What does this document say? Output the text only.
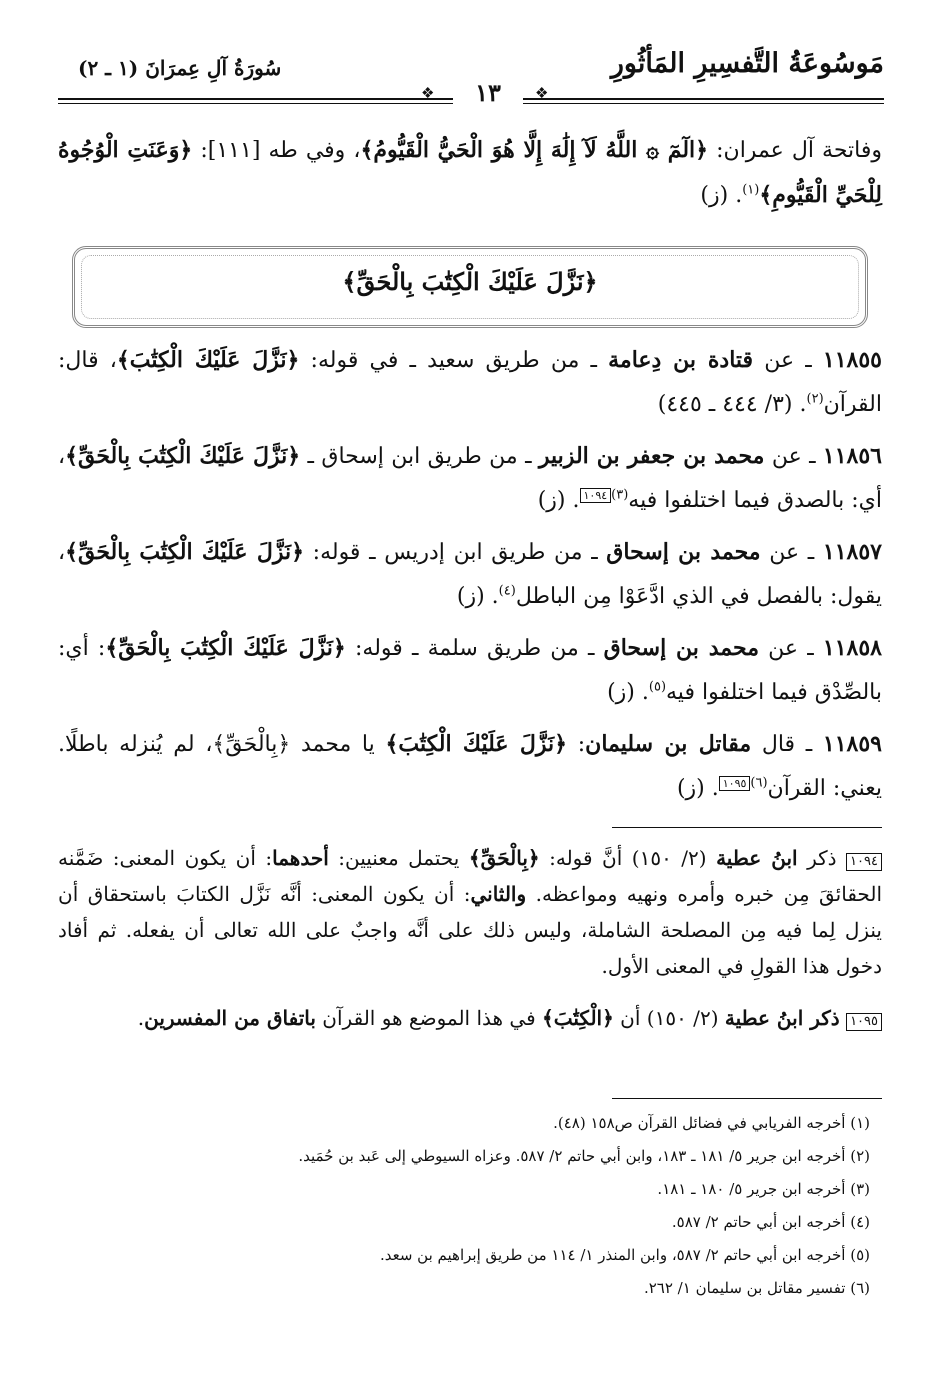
مَوسُوعَةُ التَّفسِيرِ المَأثُورِ
سُورَةُ آلِ عِمرَانَ (١ ـ ٢)
❖	١٣	❖
وفاتحة آل عمران: ﴿الٓمٓ ۞ اللَّهُ لَآ إِلَٰهَ إِلَّا هُوَ الْحَيُّ الْقَيُّومُ﴾، وفي طه [١١١]: ﴿وَعَنَتِ الْوُجُوهُ لِلْحَيِّ الْقَيُّومِ﴾$^{(١)}$. (ز)
﴿نَزَّلَ عَلَيْكَ الْكِتَٰبَ بِالْحَقِّ﴾
١١٨٥٥ ـ عن قتادة بن دِعامة ـ من طريق سعيد ـ في قوله: ﴿نَزَّلَ عَلَيْكَ الْكِتَٰبَ﴾، قال: القرآن$^{(٢)}$. (٣/ ٤٤٤ ـ ٤٤٥)
١١٨٥٦ ـ عن محمد بن جعفر بن الزبير ـ من طريق ابن إسحاق ـ ﴿نَزَّلَ عَلَيْكَ الْكِتَٰبَ بِالْحَقِّ﴾، أي: بالصدق فيما اختلفوا فيه$^{(٣)}$١٠٩٤. (ز)
١١٨٥٧ ـ عن محمد بن إسحاق ـ من طريق ابن إدريس ـ قوله: ﴿نَزَّلَ عَلَيْكَ الْكِتَٰبَ بِالْحَقِّ﴾، يقول: بالفصل في الذي ادَّعَوْا مِن الباطل$^{(٤)}$. (ز)
١١٨٥٨ ـ عن محمد بن إسحاق ـ من طريق سلمة ـ قوله: ﴿نَزَّلَ عَلَيْكَ الْكِتَٰبَ بِالْحَقِّ﴾: أي: بالصِّدْق فيما اختلفوا فيه$^{(٥)}$. (ز)
١١٨٥٩ ـ قال مقاتل بن سليمان: ﴿نَزَّلَ عَلَيْكَ الْكِتَٰبَ﴾ يا محمد ﴿بِالْحَقِّ﴾، لم يُنزله باطلًا. يعني: القرآن$^{(٦)}$١٠٩٥. (ز)
١٠٩٤ ذكر ابنُ عطية (٢/ ١٥٠) أنَّ قوله: ﴿بِالْحَقِّ﴾ يحتمل معنيين: أحدهما: أن يكون المعنى: ضَمَّنه الحقائقَ مِن خبره وأمره ونهيه ومواعظه. والثاني: أن يكون المعنى: أنَّه نَزَّل الكتابَ باستحقاق أن ينزل لِما فيه مِن المصلحة الشاملة، وليس ذلك على أنَّه واجبٌ على الله تعالى أن يفعله. ثم أفاد دخول هذا القولِ في المعنى الأول.
١٠٩٥ ذكر ابنُ عطية (٢/ ١٥٠) أن ﴿الْكِتَٰبَ﴾ في هذا الموضع هو القرآن باتفاق من المفسرين.
(١) أخرجه الفريابي في فضائل القرآن ص١٥٨ (٤٨).
(٢) أخرجه ابن جرير ٥/ ١٨١ ـ ١٨٣، وابن أبي حاتم ٢/ ٥٨٧. وعزاه السيوطي إلى عَبد بن حُمَيد.
(٣) أخرجه ابن جرير ٥/ ١٨٠ ـ ١٨١.
(٤) أخرجه ابن أبي حاتم ٢/ ٥٨٧.
(٥) أخرجه ابن أبي حاتم ٢/ ٥٨٧، وابن المنذر ١/ ١١٤ من طريق إبراهيم بن سعد.
(٦) تفسير مقاتل بن سليمان ١/ ٢٦٢.
